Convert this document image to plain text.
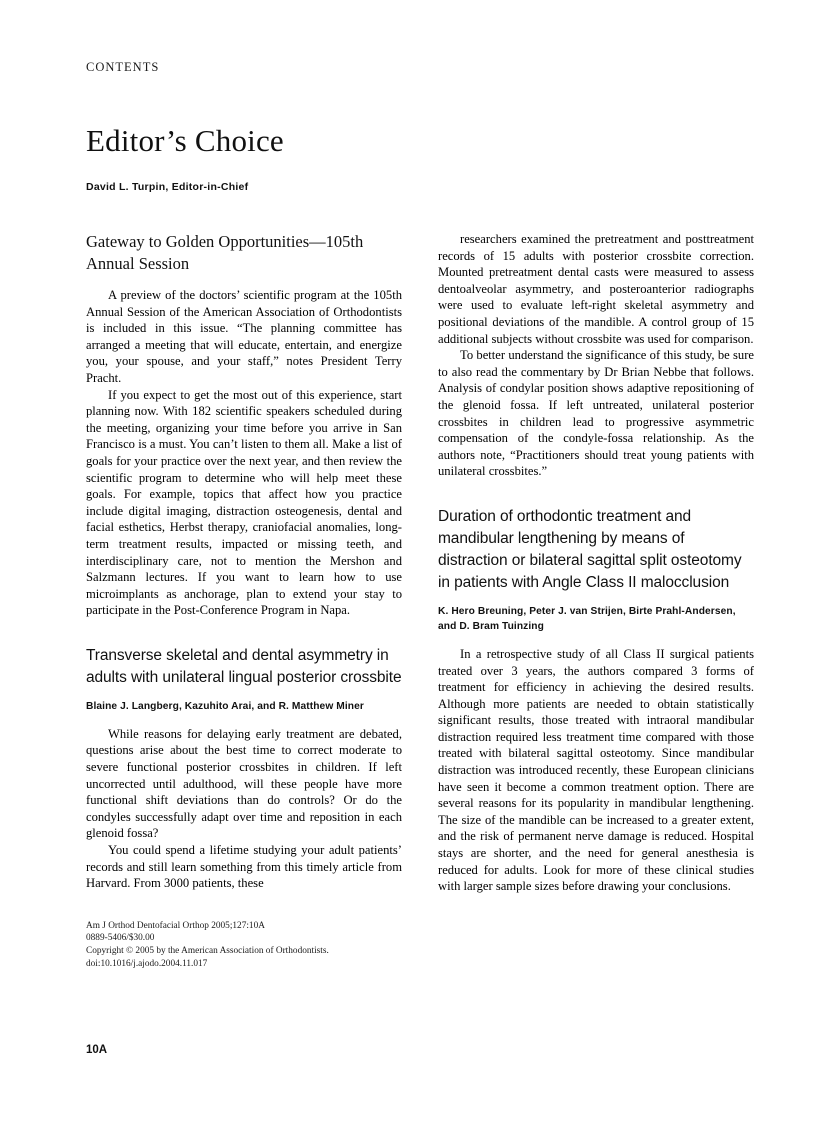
CONTENTS
Editor’s Choice
David L. Turpin, Editor-in-Chief
Gateway to Golden Opportunities—105th Annual Session

A preview of the doctors’ scientific program at the 105th Annual Session of the American Association of Orthodontists is included in this issue. “The planning committee has arranged a meeting that will educate, entertain, and energize you, your spouse, and your staff,” notes President Terry Pracht.

If you expect to get the most out of this experience, start planning now. With 182 scientific speakers scheduled during the meeting, organizing your time before you arrive in San Francisco is a must. You can’t listen to them all. Make a list of goals for your practice over the next year, and then review the scientific program to determine who will help meet these goals. For example, topics that affect how you practice include digital imaging, distraction osteogenesis, dental and facial esthetics, Herbst therapy, craniofacial anomalies, long-term treatment results, impacted or missing teeth, and interdisciplinary care, not to mention the Mershon and Salzmann lectures. If you want to learn how to use microimplants as anchorage, plan to extend your stay to participate in the Post-Conference Program in Napa.

Transverse skeletal and dental asymmetry in adults with unilateral lingual posterior crossbite
Blaine J. Langberg, Kazuhito Arai, and R. Matthew Miner

While reasons for delaying early treatment are debated, questions arise about the best time to correct moderate to severe functional posterior crossbites in children. If left uncorrected until adulthood, will these people have more functional shift deviations than do controls? Or do the condyles successfully adapt over time and reposition in each glenoid fossa?

You could spend a lifetime studying your adult patients’ records and still learn something from this timely article from Harvard. From 3000 patients, these

Am J Orthod Dentofacial Orthop 2005;127:10A
0889-5406/$30.00
Copyright © 2005 by the American Association of Orthodontists.
doi:10.1016/j.ajodo.2004.11.017

researchers examined the pretreatment and posttreatment records of 15 adults with posterior crossbite correction. Mounted pretreatment dental casts were measured to assess dentoalveolar asymmetry, and posteroanterior radiographs were used to evaluate left-right skeletal asymmetry and positional deviations of the mandible. A control group of 15 additional subjects without crossbite was used for comparison.

To better understand the significance of this study, be sure to also read the commentary by Dr Brian Nebbe that follows. Analysis of condylar position shows adaptive repositioning of the glenoid fossa. If left untreated, unilateral posterior crossbites in children lead to progressive asymmetric compensation of the condyle-fossa relationship. As the authors note, “Practitioners should treat young patients with unilateral crossbites.”

Duration of orthodontic treatment and mandibular lengthening by means of distraction or bilateral sagittal split osteotomy in patients with Angle Class II malocclusion
K. Hero Breuning, Peter J. van Strijen, Birte Prahl-Andersen, and D. Bram Tuinzing

In a retrospective study of all Class II surgical patients treated over 3 years, the authors compared 3 forms of treatment for efficiency in achieving the desired results. Although more patients are needed to obtain statistically significant results, those treated with intraoral mandibular distraction required less treatment time compared with those treated with bilateral sagittal osteotomy. Since mandibular distraction was introduced recently, these European clinicians have seen it become a common treatment option. There are several reasons for its popularity in mandibular lengthening. The size of the mandible can be increased to a greater extent, and the risk of permanent nerve damage is reduced. Hospital stays are shorter, and the need for general anesthesia is reduced for adults. Look for more of these clinical studies with larger sample sizes before drawing your conclusions.

10A
